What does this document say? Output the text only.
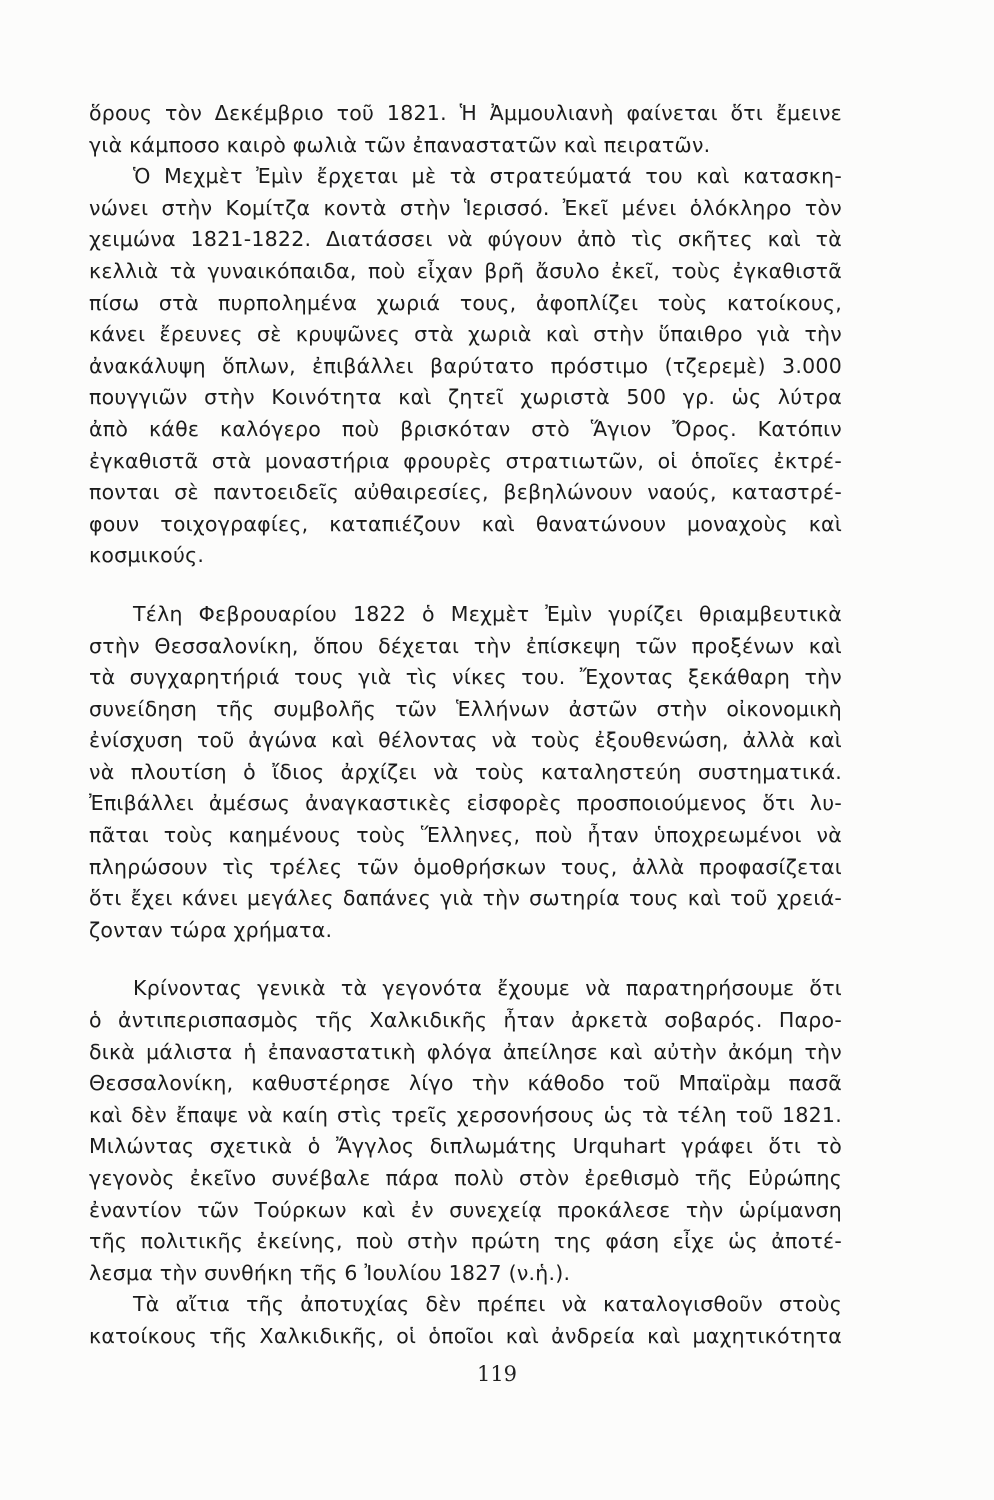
ὅρους τὸν Δεκέμβριο τοῦ 1821. Ἡ Ἀμμουλιανὴ φαίνεται ὅτι ἔμεινε
γιὰ κάμποσο καιρὸ φωλιὰ τῶν ἐπαναστατῶν καὶ πειρατῶν.
Ὁ Μεχμὲτ Ἐμὶν ἔρχεται μὲ τὰ στρατεύματά του καὶ κατασκη-
νώνει στὴν Κομίτζα κοντὰ στὴν Ἱερισσό. Ἐκεῖ μένει ὁλόκληρο τὸν
χειμώνα 1821-1822. Διατάσσει νὰ φύγουν ἀπὸ τὶς σκῆτες καὶ τὰ
κελλιὰ τὰ γυναικόπαιδα, ποὺ εἶχαν βρῆ ἄσυλο ἐκεῖ, τοὺς ἐγκαθιστᾶ
πίσω στὰ πυρποληµένα χωριά τους, ἀφοπλίζει τοὺς κατοίκους,
κάνει ἔρευνες σὲ κρυψῶνες στὰ χωριὰ καὶ στὴν ὕπαιθρο γιὰ τὴν
ἀνακάλυψη ὅπλων, ἐπιβάλλει βαρύτατο πρόστιμο (τζερεμὲ) 3.000
πουγγιῶν στὴν Κοινότητα καὶ ζητεῖ χωριστὰ 500 γρ. ὡς λύτρα
ἀπὸ κάθε καλόγερο ποὺ βρισκόταν στὸ Ἅγιον Ὄρος. Κατόπιν
ἐγκαθιστᾶ στὰ μοναστήρια φρουρὲς στρατιωτῶν, οἱ ὁποῖες ἐκτρέ-
πονται σὲ παντοειδεῖς αὐθαιρεσίες, βεβηλώνουν ναούς, καταστρέ-
φουν τοιχογραφίες, καταπιέζουν καὶ θανατώνουν μοναχοὺς καὶ
κοσμικούς.
Τέλη Φεβρουαρίου 1822 ὁ Μεχμὲτ Ἐμὶν γυρίζει θριαμβευτικὰ
στὴν Θεσσαλονίκη, ὅπου δέχεται τὴν ἐπίσκεψη τῶν προξένων καὶ
τὰ συγχαρητήριά τους γιὰ τὶς νίκες του. Ἔχοντας ξεκάθαρη τὴν
συνείδηση τῆς συμβολῆς τῶν Ἑλλήνων ἀστῶν στὴν οἰκονομικὴ
ἐνίσχυση τοῦ ἀγώνα καὶ θέλοντας νὰ τοὺς ἐξουθενώση, ἀλλὰ καὶ
νὰ πλουτίση ὁ ἴδιος ἀρχίζει νὰ τοὺς καταληστεύη συστηματικά.
Ἐπιβάλλει ἀμέσως ἀναγκαστικὲς εἰσφορὲς προσποιούμενος ὅτι λυ-
πᾶται τοὺς καημένους τοὺς Ἕλληνες, ποὺ ἦταν ὑποχρεωμένοι νὰ
πληρώσουν τὶς τρέλες τῶν ὁμοθρήσκων τους, ἀλλὰ προφασίζεται
ὅτι ἔχει κάνει μεγάλες δαπάνες γιὰ τὴν σωτηρία τους καὶ τοῦ χρειά-
ζονταν τώρα χρήματα.
Κρίνοντας γενικὰ τὰ γεγονότα ἔχουμε νὰ παρατηρήσουμε ὅτι
ὁ ἀντιπερισπασμὸς τῆς Χαλκιδικῆς ἦταν ἀρκετὰ σοβαρός. Παρο-
δικὰ μάλιστα ἡ ἐπαναστατικὴ φλόγα ἀπείλησε καὶ αὐτὴν ἀκόμη τὴν
Θεσσαλονίκη, καθυστέρησε λίγο τὴν κάθοδο τοῦ Μπαϊρὰμ πασᾶ
καὶ δὲν ἔπαψε νὰ καίη στὶς τρεῖς χερσονήσους ὡς τὰ τέλη τοῦ 1821.
Μιλώντας σχετικὰ ὁ Ἄγγλος διπλωμάτης Urquhart γράφει ὅτι τὸ
γεγονὸς ἐκεῖνο συνέβαλε πάρα πολὺ στὸν ἐρεθισμὸ τῆς Εὐρώπης
ἐναντίον τῶν Τούρκων καὶ ἐν συνεχείᾳ προκάλεσε τὴν ὡρίμανση
τῆς πολιτικῆς ἐκείνης, ποὺ στὴν πρώτη της φάση εἶχε ὡς ἀποτέ-
λεσμα τὴν συνθήκη τῆς 6 Ἰουλίου 1827 (ν.ἡ.).
Τὰ αἴτια τῆς ἀποτυχίας δὲν πρέπει νὰ καταλογισθοῦν στοὺς
κατοίκους τῆς Χαλκιδικῆς, οἱ ὁποῖοι καὶ ἀνδρεία καὶ μαχητικότητα
119
